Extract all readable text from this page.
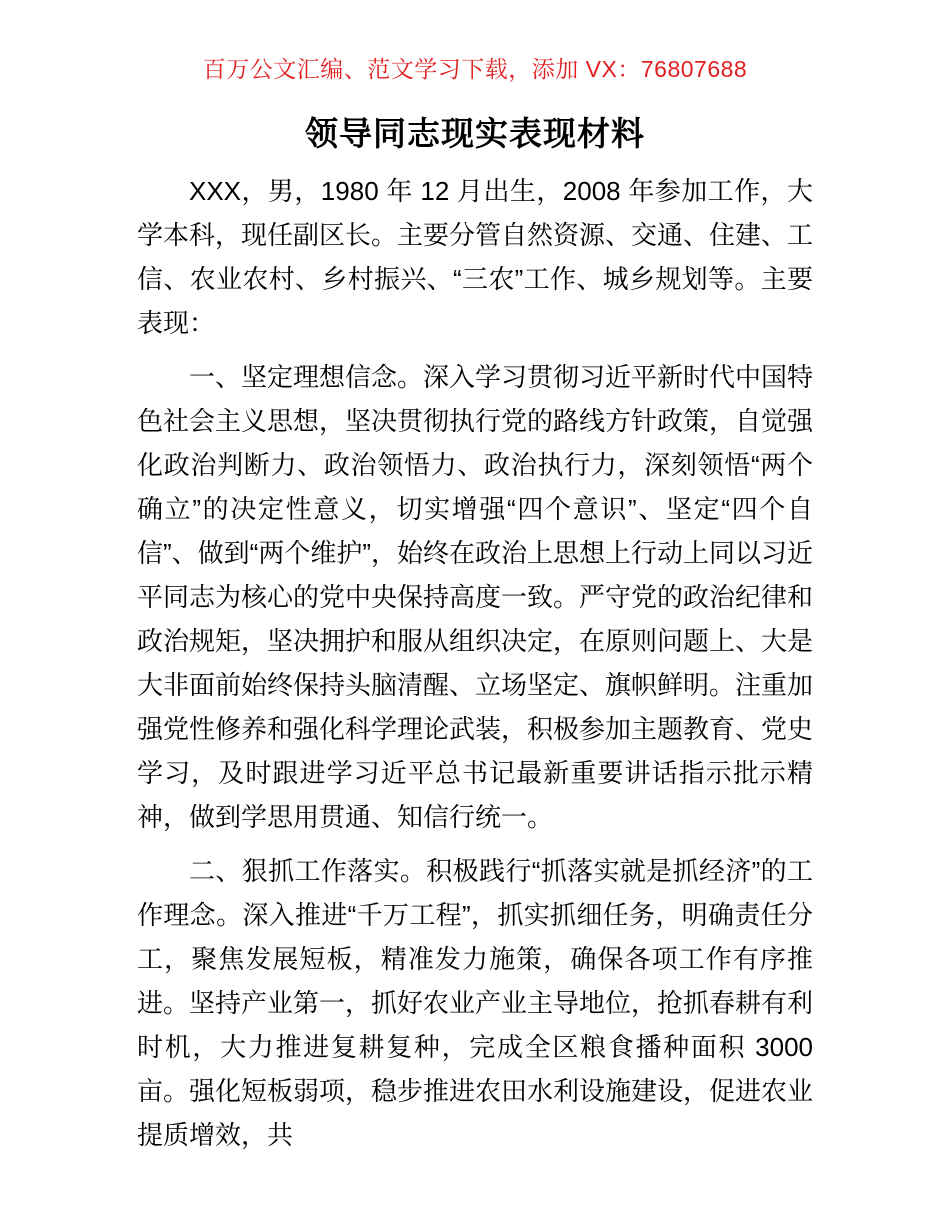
百万公文汇编、范文学习下载，添加 VX：76807688
领导同志现实表现材料

XXX，男，1980 年 12 月出生，2008 年参加工作，大学本科，现任副区长。主要分管自然资源、交通、住建、工信、农业农村、乡村振兴、“三农”工作、城乡规划等。主要表现：

一、坚定理想信念。深入学习贯彻习近平新时代中国特色社会主义思想，坚决贯彻执行党的路线方针政策，自觉强化政治判断力、政治领悟力、政治执行力，深刻领悟“两个确立”的决定性意义，切实增强“四个意识”、坚定“四个自信”、做到“两个维护”，始终在政治上思想上行动上同以习近平同志为核心的党中央保持高度一致。严守党的政治纪律和政治规矩，坚决拥护和服从组织决定，在原则问题上、大是大非面前始终保持头脑清醒、立场坚定、旗帜鲜明。注重加强党性修养和强化科学理论武装，积极参加主题教育、党史学习，及时跟进学习近平总书记最新重要讲话指示批示精神，做到学思用贯通、知信行统一。

二、狠抓工作落实。积极践行“抓落实就是抓经济”的工作理念。深入推进“千万工程”，抓实抓细任务，明确责任分工，聚焦发展短板，精准发力施策，确保各项工作有序推进。坚持产业第一，抓好农业产业主导地位，抢抓春耕有利时机，大力推进复耕复种，完成全区粮食播种面积 3000 亩。强化短板弱项，稳步推进农田水利设施建设，促进农业提质增效，共
